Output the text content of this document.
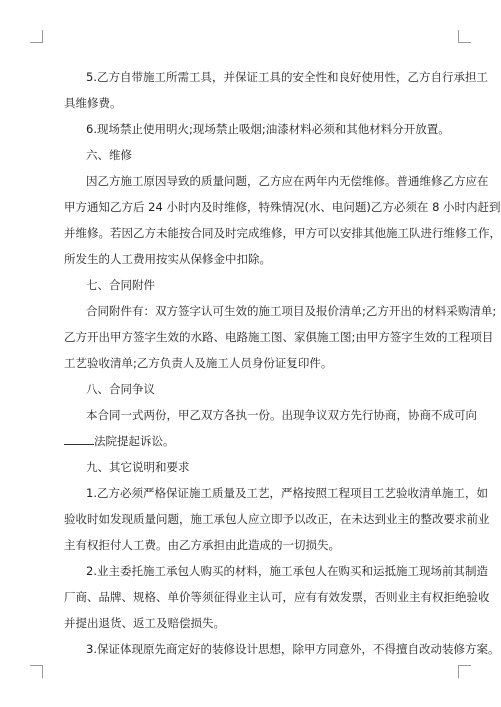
5.乙方自带施工所需工具，并保证工具的安全性和良好使用性，乙方自行承担工
具维修费。
6.现场禁止使用明火;现场禁止吸烟;油漆材料必须和其他材料分开放置。
六、维修
因乙方施工原因导致的质量问题，乙方应在两年内无偿维修。普通维修乙方应在
甲方通知乙方后 24 小时内及时维修，特殊情况(水、电问题)乙方必须在 8 小时内赶到
并维修。若因乙方未能按合同及时完成维修，甲方可以安排其他施工队进行维修工作，
所发生的人工费用按实从保修金中扣除。
七、合同附件
合同附件有：双方签字认可生效的施工项目及报价清单;乙方开出的材料采购清单;
乙方开出甲方签字生效的水路、电路施工图、家俱施工图;由甲方签字生效的工程项目
工艺验收清单;乙方负责人及施工人员身份证复印件。
八、合同争议
本合同一式两份，甲乙双方各执一份。出现争议双方先行协商，协商不成可向
法院提起诉讼。
九、其它说明和要求
1.乙方必须严格保证施工质量及工艺，严格按照工程项目工艺验收清单施工，如
验收时如发现质量问题，施工承包人应立即予以改正，在未达到业主的整改要求前业
主有权拒付人工费。由乙方承担由此造成的一切损失。
2.业主委托施工承包人购买的材料，施工承包人在购买和运抵施工现场前其制造
厂商、品牌、规格、单价等须征得业主认可，应有有效发票，否则业主有权拒绝验收
并提出退货、返工及赔偿损失。
3.保证体现原先商定好的装修设计思想，除甲方同意外，不得擅自改动装修方案。
